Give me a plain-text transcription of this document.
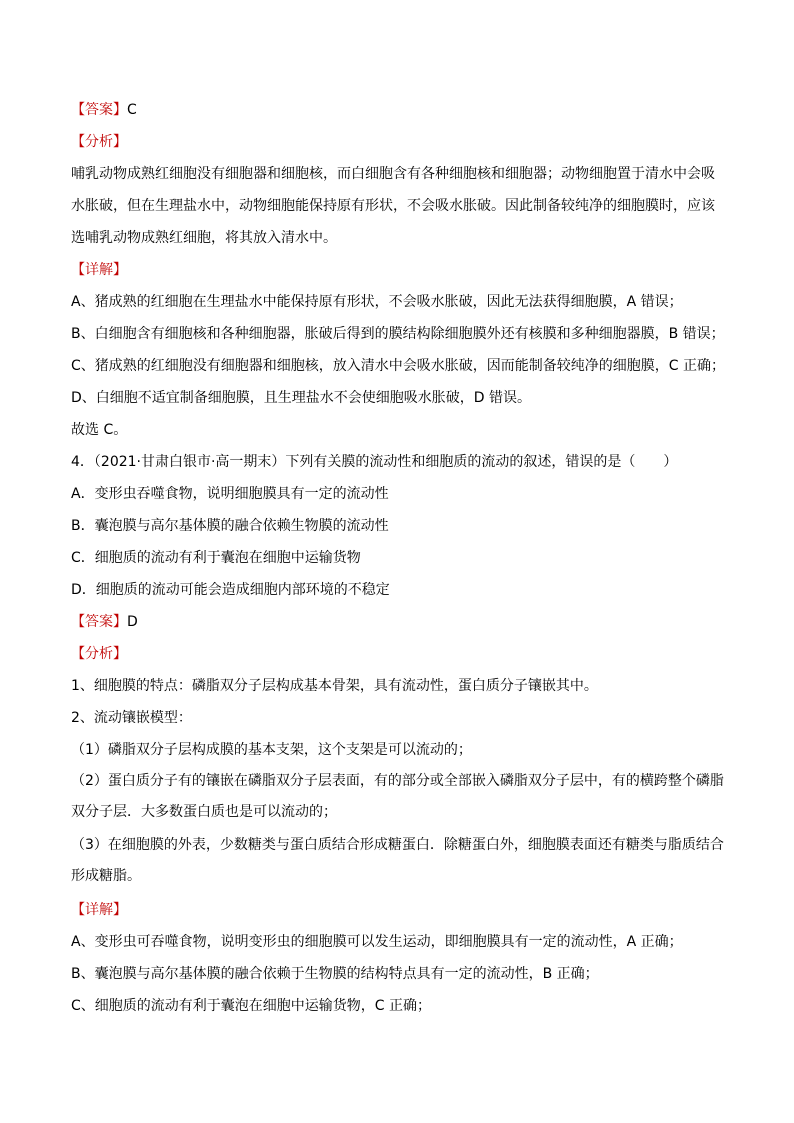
【答案】C
【分析】
哺乳动物成熟红细胞没有细胞器和细胞核，而白细胞含有各种细胞核和细胞器；动物细胞置于清水中会吸
水胀破，但在生理盐水中，动物细胞能保持原有形状，不会吸水胀破。因此制备较纯净的细胞膜时，应该
选哺乳动物成熟红细胞，将其放入清水中。
【详解】
A、猪成熟的红细胞在生理盐水中能保持原有形状，不会吸水胀破，因此无法获得细胞膜，A 错误；
B、白细胞含有细胞核和各种细胞器，胀破后得到的膜结构除细胞膜外还有核膜和多种细胞器膜，B 错误；
C、猪成熟的红细胞没有细胞器和细胞核，放入清水中会吸水胀破，因而能制备较纯净的细胞膜，C 正确；
D、白细胞不适宜制备细胞膜，且生理盐水不会使细胞吸水胀破，D 错误。
故选 C。
4．（2021·甘肃白银市·高一期末）下列有关膜的流动性和细胞质的流动的叙述，错误的是（　　）
A．变形虫吞噬食物，说明细胞膜具有一定的流动性
B．囊泡膜与高尔基体膜的融合依赖生物膜的流动性
C．细胞质的流动有利于囊泡在细胞中运输货物
D．细胞质的流动可能会造成细胞内部环境的不稳定
【答案】D
【分析】
1、细胞膜的特点：磷脂双分子层构成基本骨架，具有流动性，蛋白质分子镶嵌其中。
2、流动镶嵌模型：
（1）磷脂双分子层构成膜的基本支架，这个支架是可以流动的；
（2）蛋白质分子有的镶嵌在磷脂双分子层表面，有的部分或全部嵌入磷脂双分子层中，有的横跨整个磷脂双分子层．大多数蛋白质也是可以流动的；
（3）在细胞膜的外表，少数糖类与蛋白质结合形成糖蛋白．除糖蛋白外，细胞膜表面还有糖类与脂质结合形成糖脂。
【详解】
A、变形虫可吞噬食物，说明变形虫的细胞膜可以发生运动，即细胞膜具有一定的流动性，A 正确；
B、囊泡膜与高尔基体膜的融合依赖于生物膜的结构特点具有一定的流动性，B 正确；
C、细胞质的流动有利于囊泡在细胞中运输货物，C 正确；
